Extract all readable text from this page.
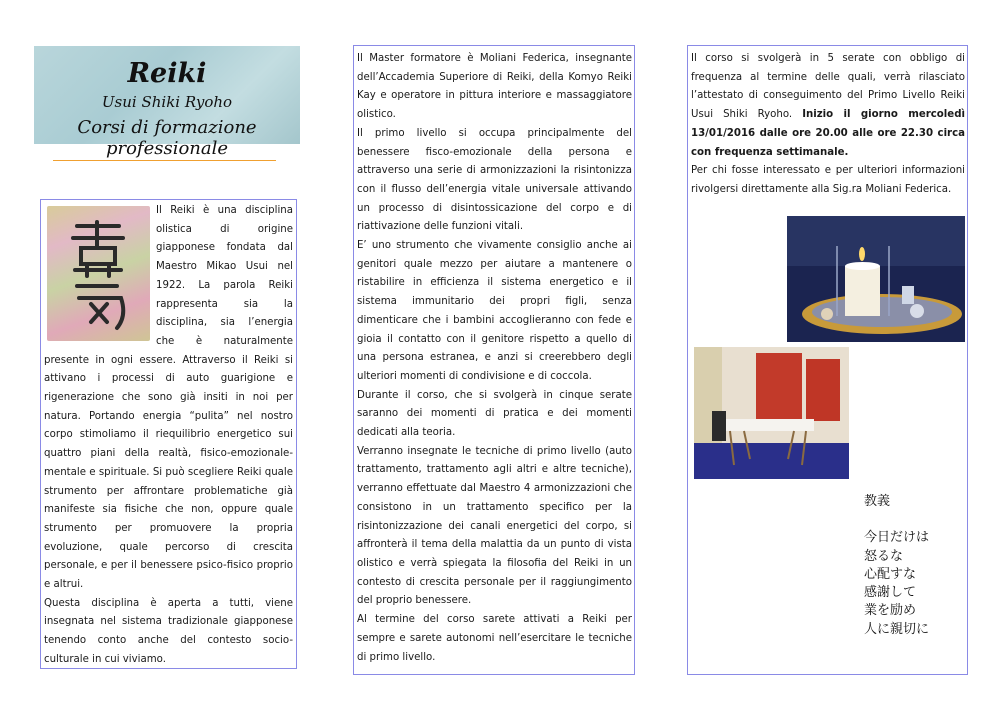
Reiki
Usui Shiki Ryoho
Corsi di formazione professionale

Il Reiki è una disciplina olistica di origine giapponese fondata dal Maestro Mikao Usui nel 1922. La parola Reiki rappresenta sia la disciplina, sia l’energia che è naturalmente presente in ogni essere. Attraverso il Reiki si attivano i processi di auto guarigione e rigenerazione che sono già insiti in noi per natura. Portando energia “pulita” nel nostro corpo stimoliamo il riequilibrio energetico sui quattro piani della realtà, fisico-emozionale-mentale e spirituale. Si può scegliere Reiki quale strumento per affrontare problematiche già manifeste sia fisiche che non, oppure quale strumento per promuovere la propria evoluzione, quale percorso di crescita personale, e per il benessere psico-fisico proprio e altrui.

Questa disciplina è aperta a tutti, viene insegnata nel sistema tradizionale giapponese tenendo conto anche del contesto socio-culturale in cui viviamo.

Il Master formatore è Moliani Federica, insegnante dell’Accademia Superiore di Reiki, della Komyo Reiki Kay e operatore in pittura interiore e massaggiatore olistico.

Il primo livello si occupa principalmente del benessere fisco-emozionale della persona e attraverso una serie di armonizzazioni la risintonizza con il flusso dell’energia vitale universale attivando un processo di disintossicazione del corpo e di riattivazione delle funzioni vitali.

E’ uno strumento che vivamente consiglio anche ai genitori quale mezzo per aiutare a mantenere o ristabilire in efficienza il sistema energetico e il sistema immunitario dei propri figli, senza dimenticare che i bambini accoglieranno con fede e gioia il contatto con il genitore rispetto a quello di una persona estranea, e anzi si creerebbero degli ulteriori momenti di condivisione e di coccola.

Durante il corso, che si svolgerà in cinque serate saranno dei momenti di pratica e dei momenti dedicati alla teoria.

Verranno insegnate le tecniche di primo livello (auto trattamento, trattamento agli altri e altre tecniche), verranno effettuate dal Maestro 4 armonizzazioni che consistono in un trattamento specifico per la risintonizzazione dei canali energetici del corpo, si affronterà il tema della malattia da un punto di vista olistico e verrà spiegata la filosofia del Reiki in un contesto di crescita personale per il raggiungimento del proprio benessere.

Al termine del corso sarete attivati a Reiki per sempre e sarete autonomi nell’esercitare le tecniche di primo livello.

Il corso si svolgerà in 5 serate con obbligo di frequenza al termine delle quali, verrà rilasciato l’attestato di conseguimento del Primo Livello Reiki Usui Shiki Ryoho. Inizio il giorno mercoledì 13/01/2016 dalle ore 20.00 alle ore 22.30 circa con frequenza settimanale.

Per chi fosse interessato e per ulteriori informazioni rivolgersi direttamente alla Sig.ra Moliani Federica.

教義
今日だけは
怒るな
心配すな
感謝して
業を励め
人に親切に
